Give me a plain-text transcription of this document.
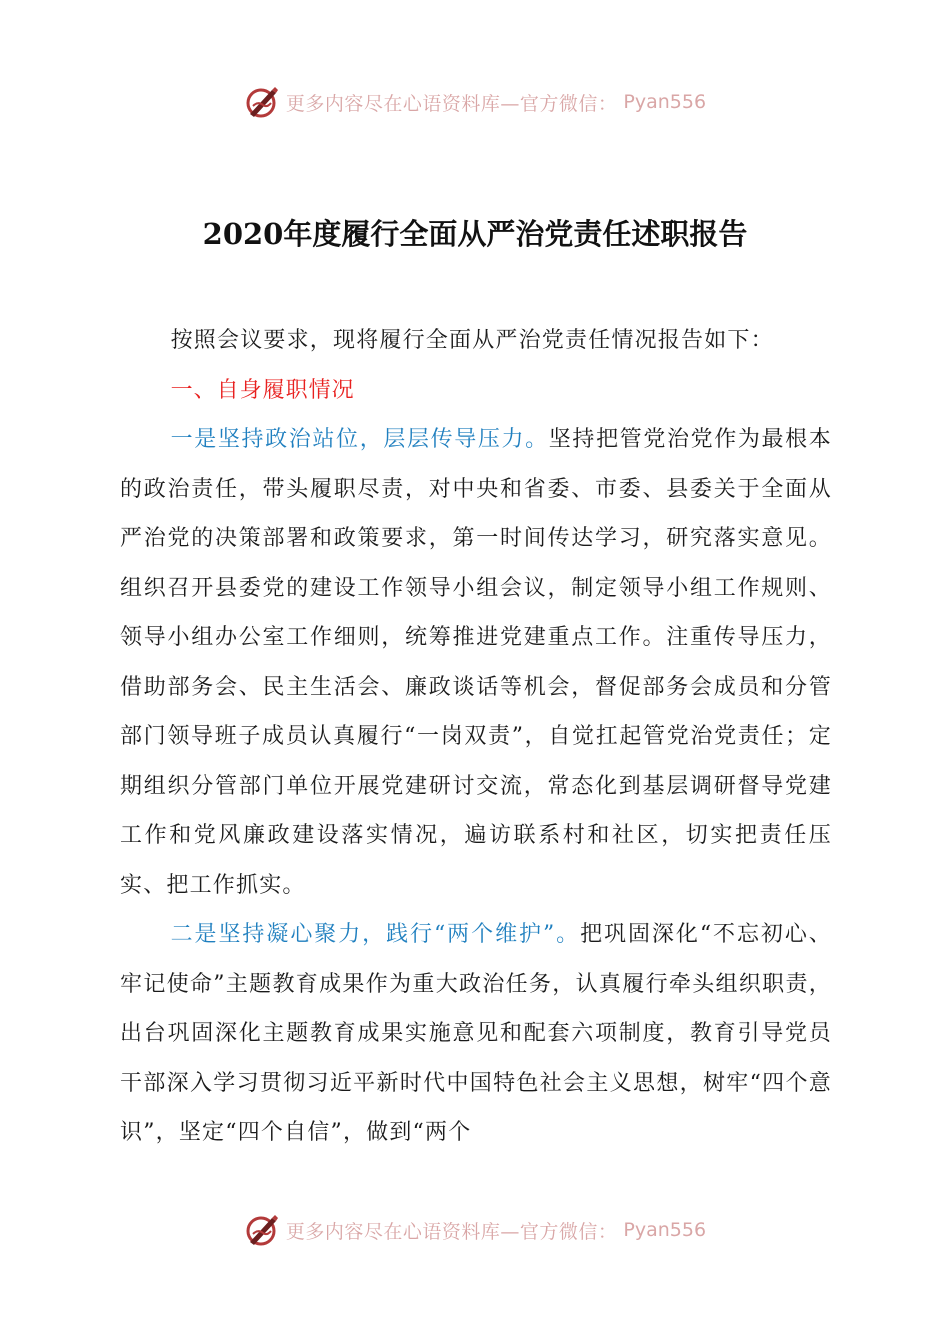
更多内容尽在心语资料库—官方微信： Pyan556
2020年度履行全面从严治党责任述职报告

按照会议要求，现将履行全面从严治党责任情况报告如下：

一、自身履职情况

一是坚持政治站位，层层传导压力。坚持把管党治党作为最根本的政治责任，带头履职尽责，对中央和省委、市委、县委关于全面从严治党的决策部署和政策要求，第一时间传达学习，研究落实意见。组织召开县委党的建设工作领导小组会议，制定领导小组工作规则、领导小组办公室工作细则，统筹推进党建重点工作。注重传导压力，借助部务会、民主生活会、廉政谈话等机会，督促部务会成员和分管部门领导班子成员认真履行“一岗双责”，自觉扛起管党治党责任；定期组织分管部门单位开展党建研讨交流，常态化到基层调研督导党建工作和党风廉政建设落实情况，遍访联系村和社区，切实把责任压实、把工作抓实。

二是坚持凝心聚力，践行“两个维护”。把巩固深化“不忘初心、牢记使命”主题教育成果作为重大政治任务，认真履行牵头组织职责，出台巩固深化主题教育成果实施意见和配套六项制度，教育引导党员干部深入学习贯彻习近平新时代中国特色社会主义思想，树牢“四个意识”，坚定“四个自信”，做到“两个

更多内容尽在心语资料库—官方微信： Pyan556
